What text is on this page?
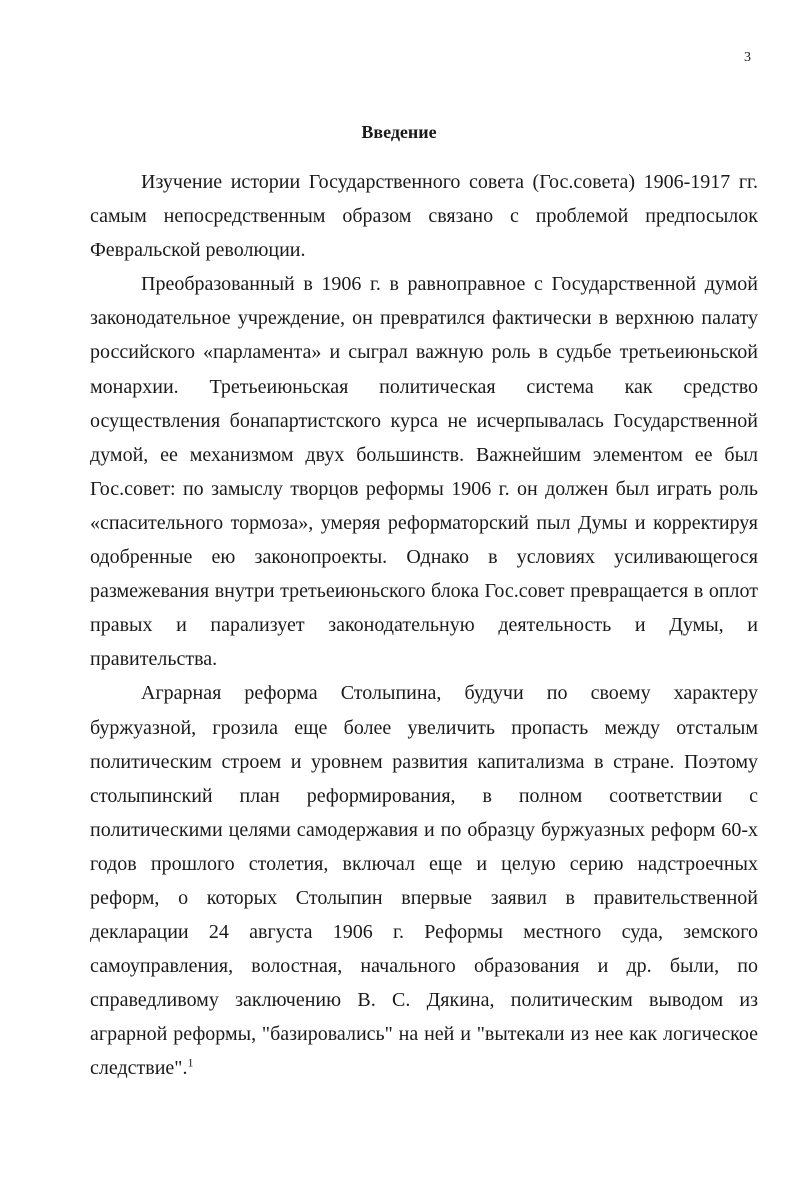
3
Введение

Изучение истории Государственного совета (Гос.совета) 1906-1917 гг. самым непосредственным образом связано с проблемой предпосылок Февральской революции.

Преобразованный в 1906 г. в равноправное с Государственной думой законодательное учреждение, он превратился фактически в верхнюю палату российского «парламента» и сыграл важную роль в судьбе третьеиюньской монархии. Третьеиюньская политическая система как средство осуществления бонапартистского курса не исчерпывалась Государственной думой, ее механизмом двух большинств. Важнейшим элементом ее был Гос.совет: по замыслу творцов реформы 1906 г. он должен был играть роль «спасительного тормоза», умеряя реформаторский пыл Думы и корректируя одобренные ею законопроекты. Однако в условиях усиливающегося размежевания внутри третьеиюньского блока Гос.совет превращается в оплот правых и парализует законодательную деятельность и Думы, и правительства.

Аграрная реформа Столыпина, будучи по своему характеру буржуазной, грозила еще более увеличить пропасть между отсталым политическим строем и уровнем развития капитализма в стране. Поэтому столыпинский план реформирования, в полном соответствии с политическими целями самодержавия и по образцу буржуазных реформ 60-х годов прошлого столетия, включал еще и целую серию надстроечных реформ, о которых Столыпин впервые заявил в правительственной декларации 24 августа 1906 г. Реформы местного суда, земского самоуправления, волостная, начального образования и др. были, по справедливому заключению В. С. Дякина, политическим выводом из аграрной реформы, "базировались" на ней и "вытекали из нее как логическое следствие".$^1$
